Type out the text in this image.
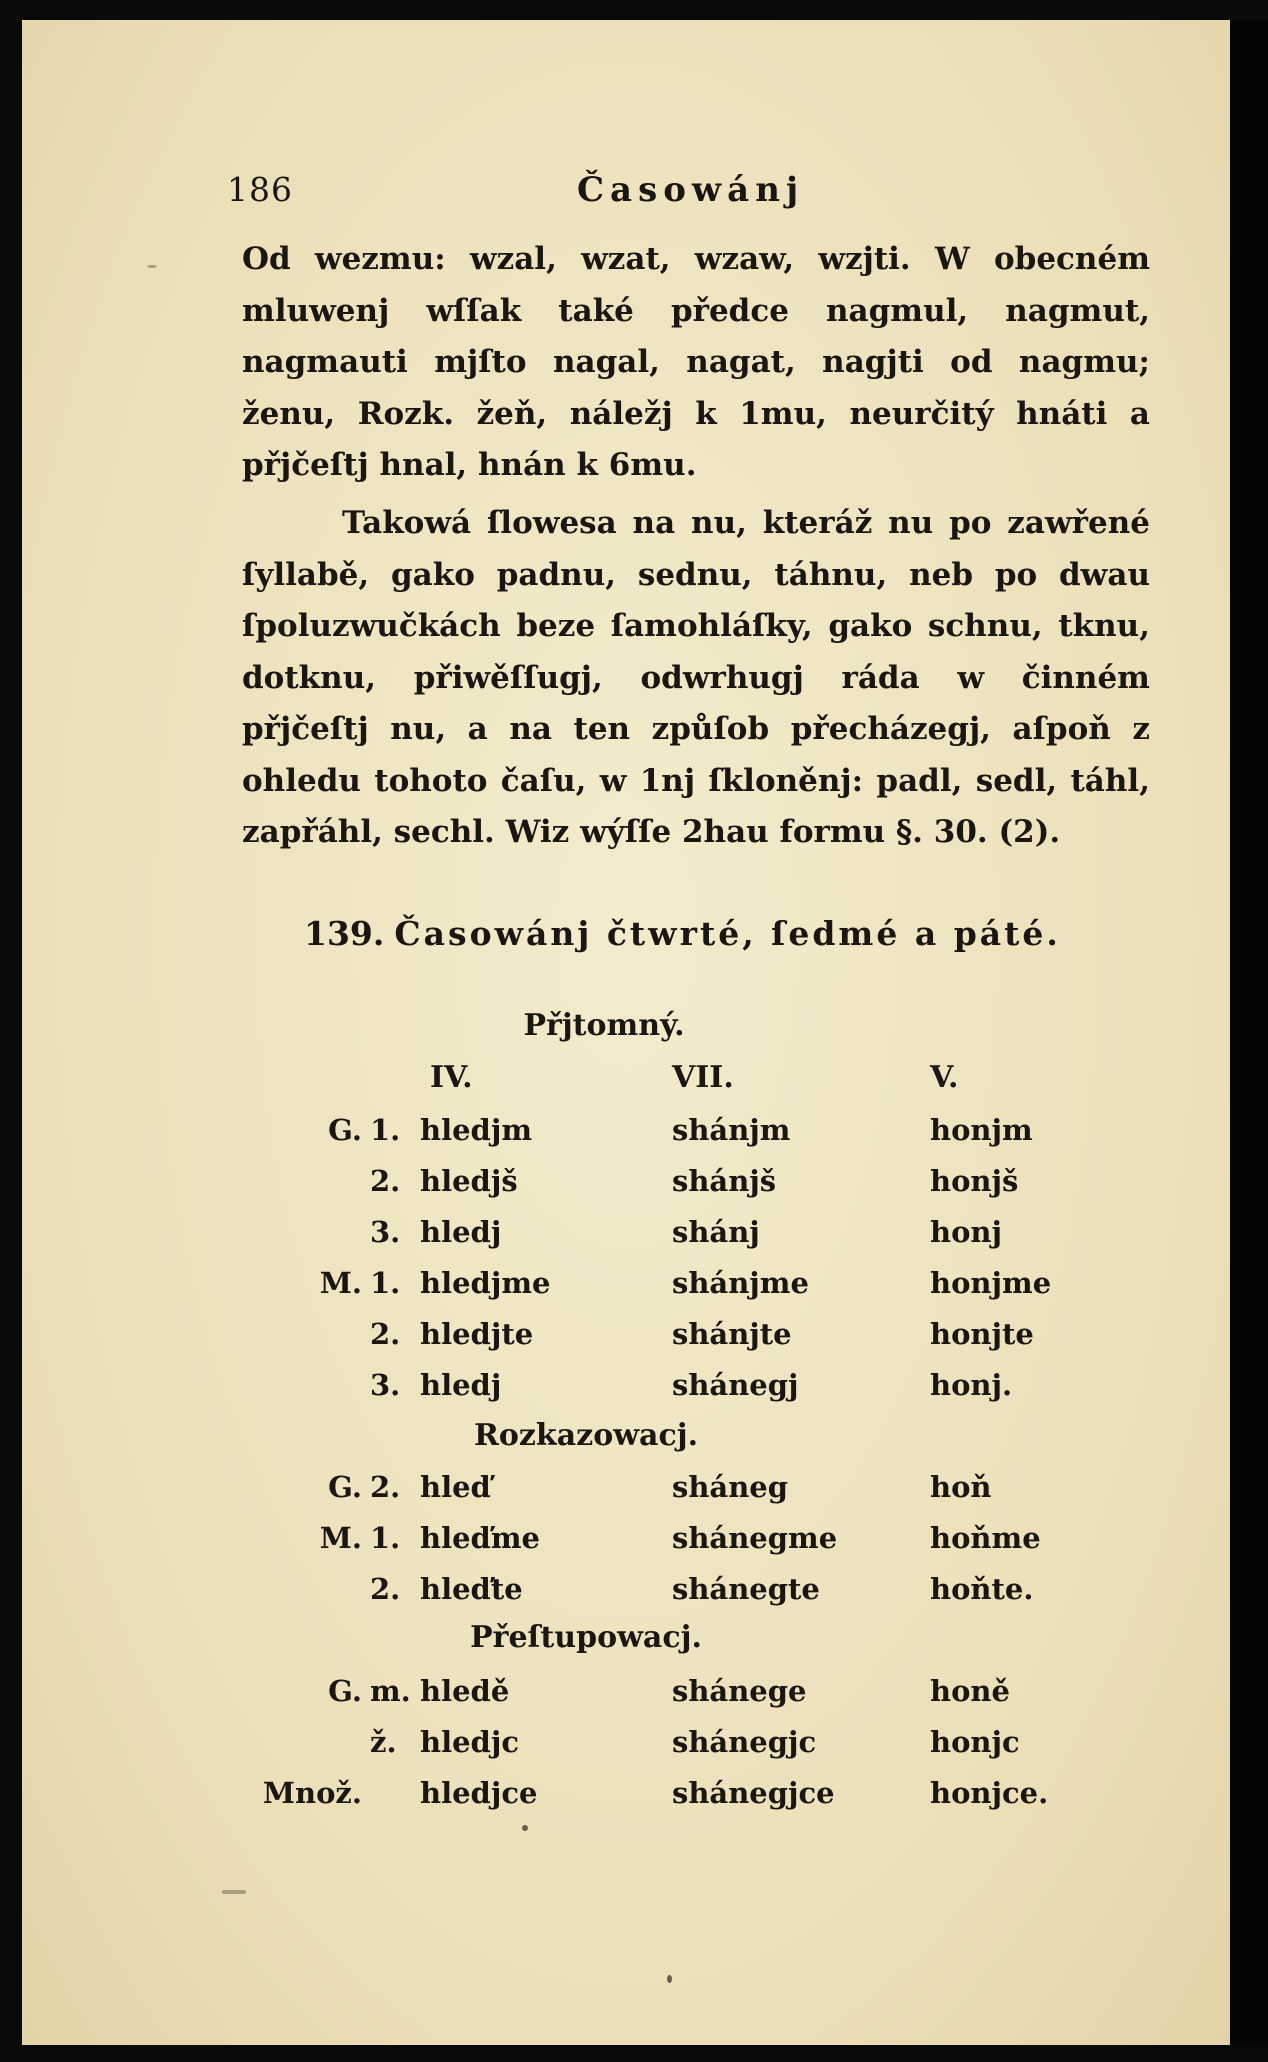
186	Časowánj
Od wezmu: wzal, wzat, wzaw, wzjti. W obecném mluwenj wſſak také předce nagmul, nagmut, nagmauti mjſto nagal, nagat, nagjti od nagmu; ženu, Rozk. žeň, náležj k 1mu, neurčitý hnáti a přjčeſtj hnal, hnán k 6mu.
Takowá ſlowesa na nu, kteráž nu po zawřené ſyllabě, gako padnu, sednu, táhnu, neb po dwau ſpoluzwučkách beze ſamohláſky, gako schnu, tknu, dotknu, přiwěſſugj, odwrhugj ráda w činném přjčeſtj nu, a na ten způſob přecházegj, aſpoň z ohledu tohoto čaſu, w 1nj ſkloněnj: padl, sedl, táhl, zapřáhl, sechl. Wiz wýſſe 2hau formu §. 30. (2).
139. Časowánj čtwrté, ſedmé a páté.
Přjtomný.
IV.	VII.	V.
G. 1. hledjm	shánjm	honjm
2. hledjš	shánjš	honjš
3. hledj	shánj	honj
M. 1. hledjme	shánjme	honjme
2. hledjte	shánjte	honjte
3. hledj	shánegj	honj.
Rozkazowacj.
G. 2. hleď	sháneg	hoň
M. 1. hleďme	shánegme	hoňme
2. hleďte	shánegte	hoňte.
Přeſtupowacj.
G. m. hledě	shánege	honě
ž. hledjc	shánegjc	honjc
Množ. hledjce	shánegjce	honjce.
